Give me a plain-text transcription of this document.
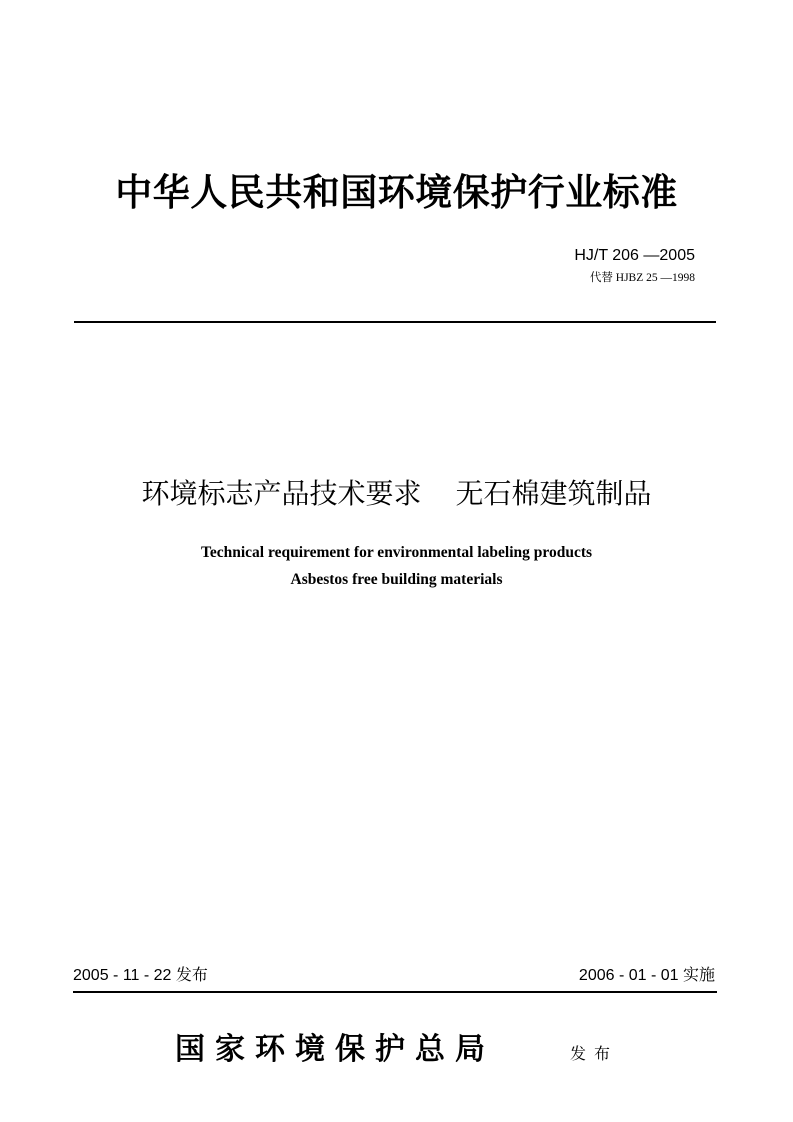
中华人民共和国环境保护行业标准
HJ/T 206 —2005
代替 HJBZ 25 —1998
环境标志产品技术要求 无石棉建筑制品
Technical requirement for environmental labeling products
Asbestos free building materials
2005 - 11 - 22 发布	2006 - 01 - 01 实施
国家环境保护总局	发布
